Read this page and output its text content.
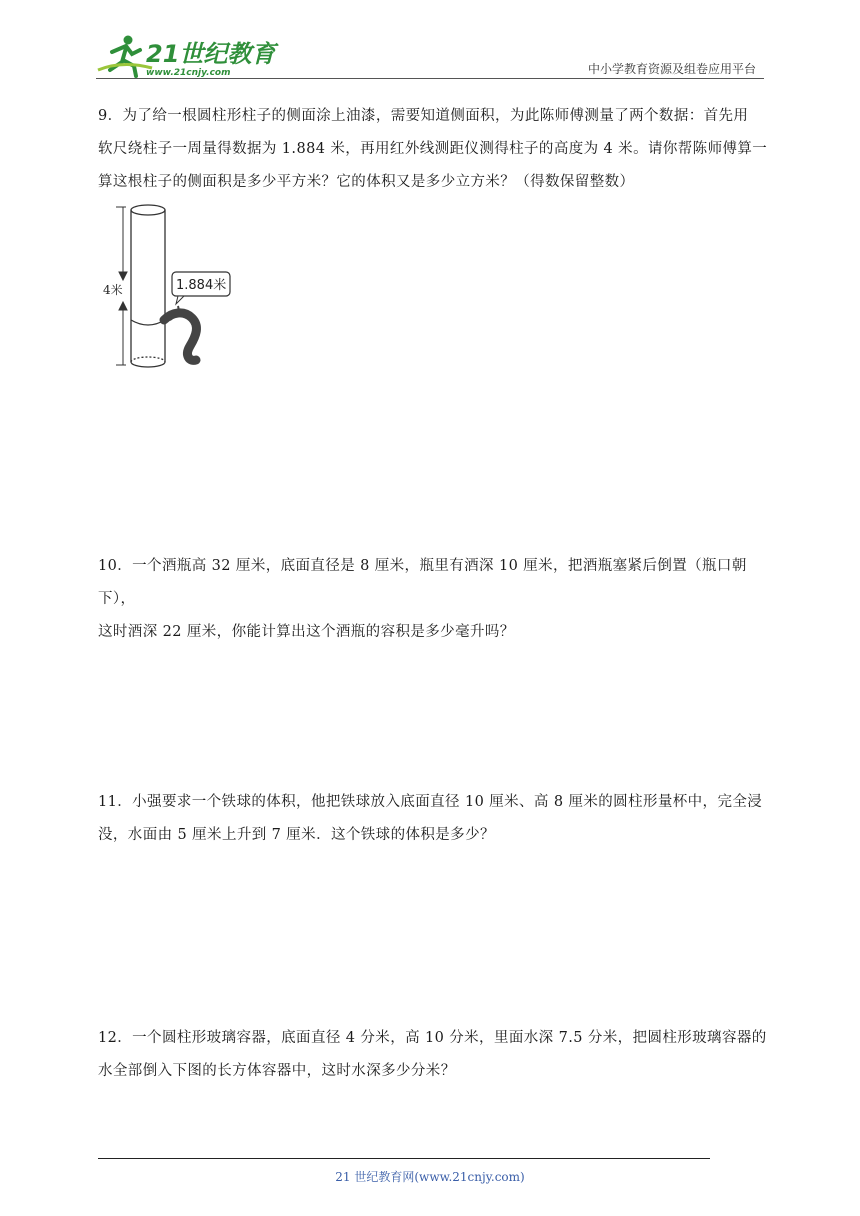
21世纪教育
www.21cnjy.com	中小学教育资源及组卷应用平台

9．为了给一根圆柱形柱子的侧面涂上油漆，需要知道侧面积，为此陈师傅测量了两个数据：首先用

软尺绕柱子一周量得数据为 1.884 米，再用红外线测距仪测得柱子的高度为 4 米。请你帮陈师傅算一

算这根柱子的侧面积是多少平方米？它的体积又是多少立方米？（得数保留整数）

4米	1.884米

10．一个酒瓶高 32 厘米，底面直径是 8 厘米，瓶里有酒深 10 厘米，把酒瓶塞紧后倒置（瓶口朝下），

这时酒深 22 厘米，你能计算出这个酒瓶的容积是多少毫升吗？

11．小强要求一个铁球的体积，他把铁球放入底面直径 10 厘米、高 8 厘米的圆柱形量杯中，完全浸

没，水面由 5 厘米上升到 7 厘米．这个铁球的体积是多少？

12．一个圆柱形玻璃容器，底面直径 4 分米，高 10 分米，里面水深 7.5 分米，把圆柱形玻璃容器的

水全部倒入下图的长方体容器中，这时水深多少分米？

21 世纪教育网(www.21cnjy.com)
